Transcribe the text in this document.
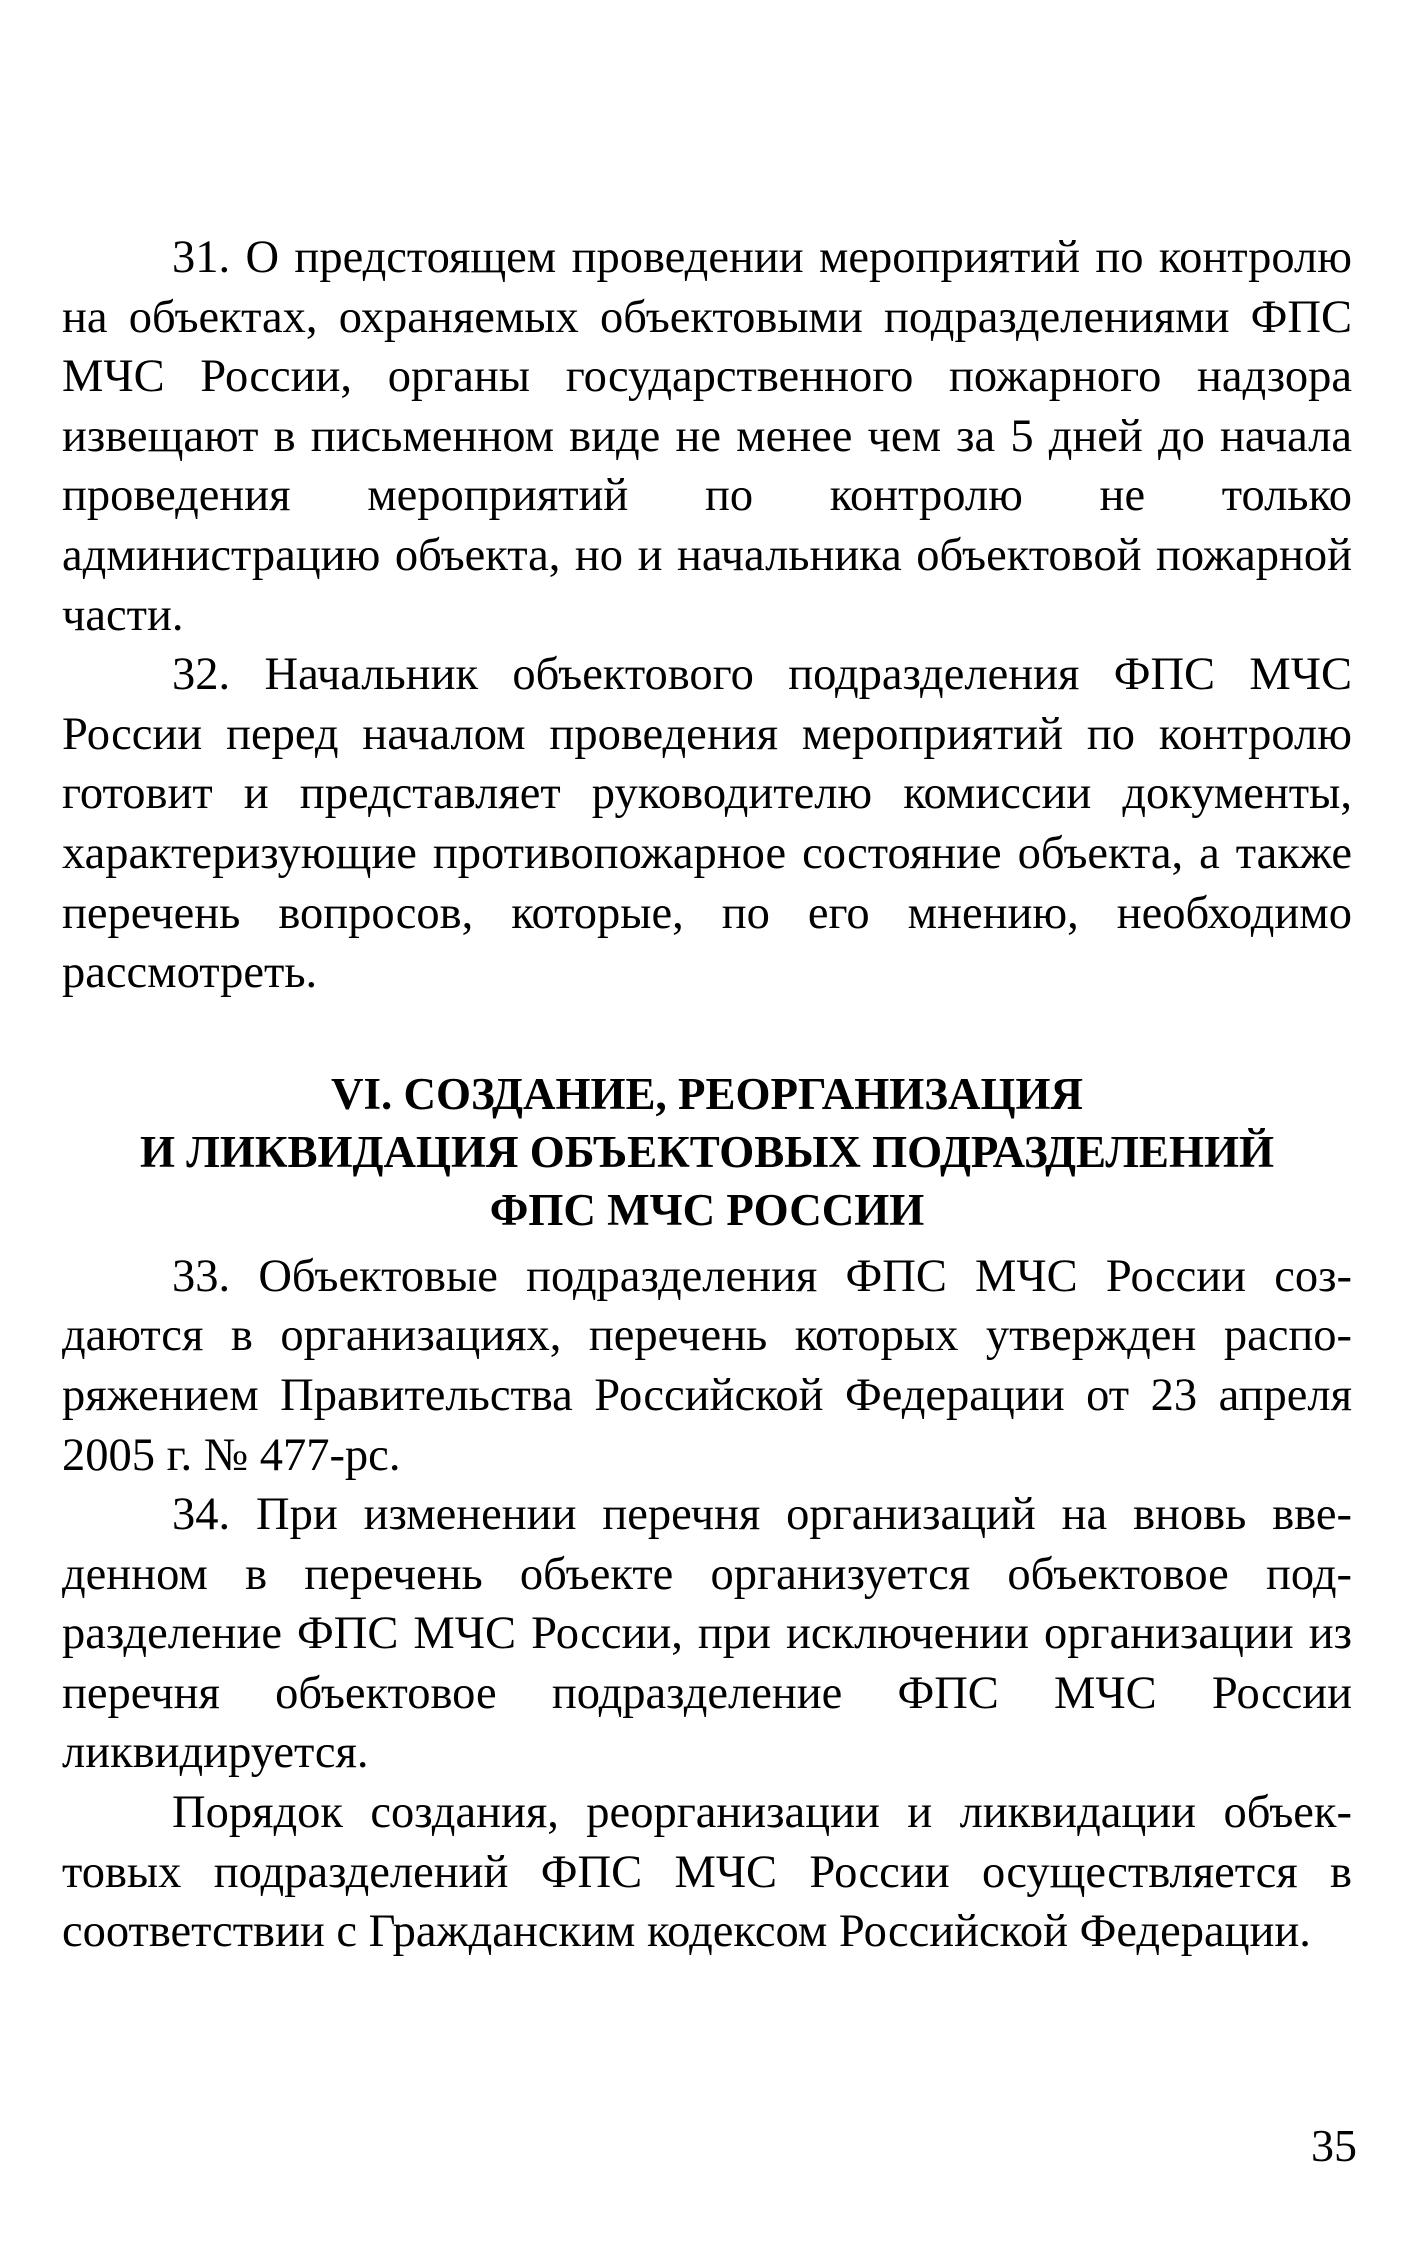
31. О предстоящем проведении мероприятий по контролю на объектах, охраняемых объектовыми подразделениями ФПС МЧС России, органы государственного пожарного надзора извещают в письменном виде не менее чем за 5 дней до начала проведения мероприятий по контролю не только администрацию объекта, но и начальника объектовой пожарной части.

32. Начальник объектового подразделения ФПС МЧС России перед началом проведения мероприятий по контролю готовит и представляет руководителю комиссии документы, характеризующие противопожарное состояние объекта, а также перечень вопросов, которые, по его мнению, необходимо рассмотреть.

VI. СОЗДАНИЕ, РЕОРГАНИЗАЦИЯ
И ЛИКВИДАЦИЯ ОБЪЕКТОВЫХ ПОДРАЗДЕЛЕНИЙ
ФПС МЧС РОССИИ

33. Объектовые подразделения ФПС МЧС России создаются в организациях, перечень которых утвержден распоряжением Правительства Российской Федерации от 23 апреля 2005 г. № 477-рс.

34. При изменении перечня организаций на вновь введенном в перечень объекте организуется объектовое подразделение ФПС МЧС России, при исключении организации из перечня объектовое подразделение ФПС МЧС России ликвидируется.

Порядок создания, реорганизации и ликвидации объектовых подразделений ФПС МЧС России осуществляется в соответствии с Гражданским кодексом Российской Федерации.

35
